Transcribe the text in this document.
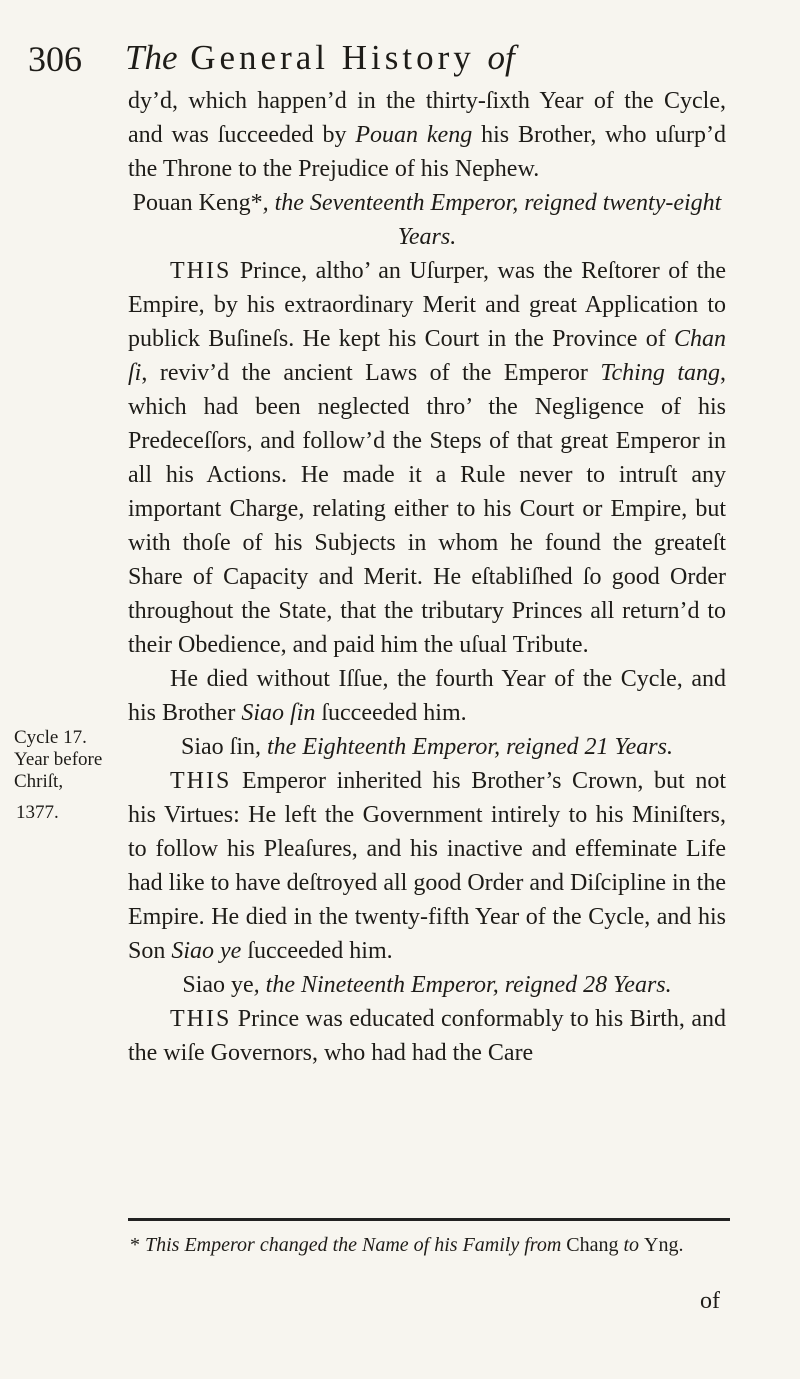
306 The General History of
Cycle 17. Year before Chriſt,
1377.

dy’d, which happen’d in the thirty-ſixth Year of the Cycle, and was ſucceeded by Pouan keng his Brother, who uſurp’d the Throne to the Prejudice of his Nephew.

Pouan Keng*, the Seventeenth Emperor, reigned twenty-eight Years.

THIS Prince, altho’ an Uſurper, was the Reſtorer of the Empire, by his extraordinary Merit and great Application to publick Buſineſs. He kept his Court in the Province of Chan ſi, reviv’d the ancient Laws of the Emperor Tching tang, which had been neglected thro’ the Negligence of his Predeceſſors, and follow’d the Steps of that great Emperor in all his Actions. He made it a Rule never to intruſt any important Charge, relating either to his Court or Empire, but with thoſe of his Subjects in whom he found the greateſt Share of Capacity and Merit. He eſtabliſhed ſo good Order throughout the State, that the tributary Princes all return’d to their Obedience, and paid him the uſual Tribute.

He died without Iſſue, the fourth Year of the Cycle, and his Brother Siao ſin ſucceeded him.

Siao ſin, the Eighteenth Emperor, reigned 21 Years.

THIS Emperor inherited his Brother’s Crown, but not his Virtues: He left the Government intirely to his Miniſters, to follow his Pleaſures, and his inactive and effeminate Life had like to have deſtroyed all good Order and Diſcipline in the Empire. He died in the twenty-fifth Year of the Cycle, and his Son Siao ye ſucceeded him.

Siao ye, the Nineteenth Emperor, reigned 28 Years.

THIS Prince was educated conformably to his Birth, and the wiſe Governors, who had had the Care

* This Emperor changed the Name of his Family from Chang to Yng.
of
